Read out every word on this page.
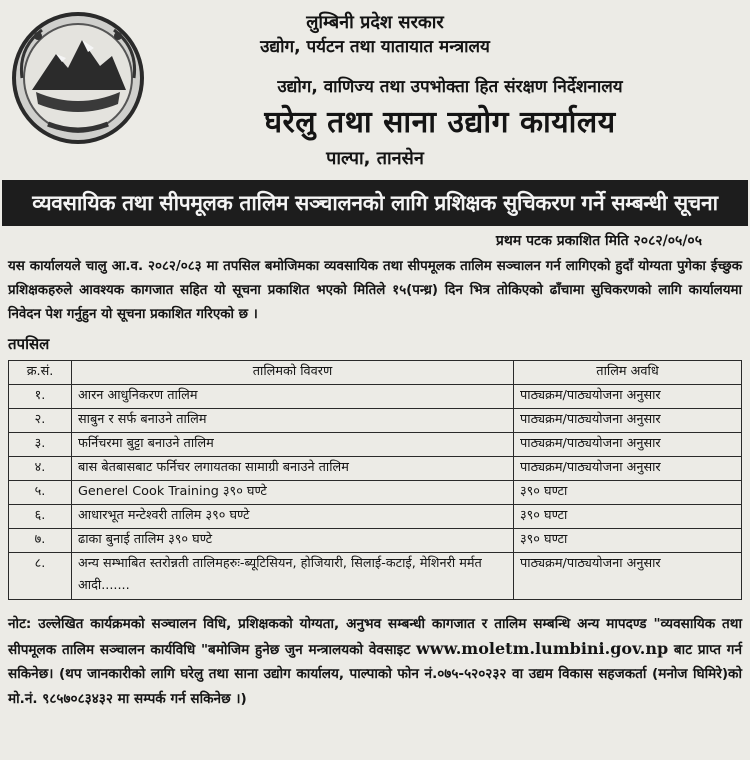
लुम्बिनी प्रदेश सरकार
उद्योग, पर्यटन तथा यातायात मन्त्रालय
उद्योग, वाणिज्य तथा उपभोक्ता हित संरक्षण निर्देशनालय
घरेलु तथा साना उद्योग कार्यालय
पाल्पा, तानसेन
व्यवसायिक तथा सीपमूलक तालिम सञ्चालनको लागि प्रशिक्षक सुचिकरण गर्ने सम्बन्धी सूचना
प्रथम पटक प्रकाशित मिति २०८२/०५/०५
यस कार्यालयले चालु आ.व. २०८२/०८३ मा तपसिल बमोजिमका व्यवसायिक तथा सीपमूलक तालिम सञ्चालन गर्न लागिएको हुदाँ योग्यता पुगेका ईच्छुक प्रशिक्षकहरुले आवश्यक कागजात सहित यो सूचना प्रकाशित भएको मितिले १५(पन्ध्र) दिन भित्र तोकिएको ढाँचामा सुचिकरणको लागि कार्यालयमा निवेदन पेश गर्नुहुन यो सूचना प्रकाशित गरिएको छ ।
तपसिल
क्र.सं.	तालिमको विवरण	तालिम अवधि
१.	आरन आधुनिकरण तालिम	पाठ्यक्रम/पाठ्ययोजना अनुसार
२.	साबुन र सर्फ बनाउने तालिम	पाठ्यक्रम/पाठ्ययोजना अनुसार
३.	फर्निचरमा बुट्टा बनाउने तालिम	पाठ्यक्रम/पाठ्ययोजना अनुसार
४.	बास बेतबासबाट फर्निचर लगायतका सामाग्री बनाउने तालिम	पाठ्यक्रम/पाठ्ययोजना अनुसार
५.	Generel Cook Training ३९० घण्टे	३९० घण्टा
६.	आधारभूत मन्टेश्वरी तालिम ३९० घण्टे	३९० घण्टा
७.	ढाका बुनाई तालिम ३९० घण्टे	३९० घण्टा
८.	अन्य सम्भाबित स्तरोन्नती तालिमहरुः-ब्यूटिसियन, होजियारी, सिलाई-कटाई, मेशिनरी मर्मत आदी.......	पाठ्यक्रम/पाठ्ययोजना अनुसार
नोट: उल्लेखित कार्यक्रमको सञ्चालन विधि, प्रशिक्षकको योग्यता, अनुभव सम्बन्धी कागजात र तालिम सम्बन्धि अन्य मापदण्ड "व्यवसायिक तथा सीपमूलक तालिम सञ्चालन कार्यविधि "बमोजिम हुनेछ जुन मन्त्रालयको वेवसाइट www.moletm.lumbini.gov.np बाट प्राप्त गर्न सकिनेछ। (थप जानकारीको लागि घरेलु तथा साना उद्योग कार्यालय, पाल्पाको फोन नं.०७५-५२०२३२ वा उद्यम विकास सहजकर्ता (मनोज घिमिरे)को मो.नं. ९८५७०८३४३२ मा सम्पर्क गर्न सकिनेछ ।)
